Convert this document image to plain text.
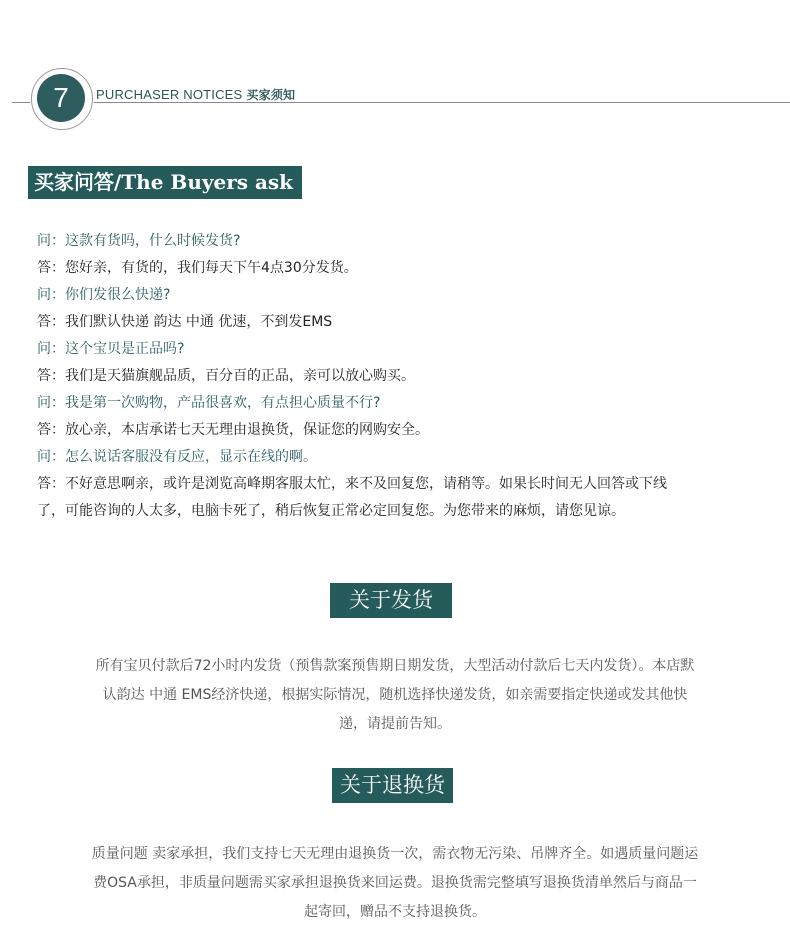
7	PURCHASER NOTICES 买家须知
买家问答/The Buyers ask
问：这款有货吗，什么时候发货?
答：您好亲，有货的，我们每天下午4点30分发货。
问：你们发很么快递?
答：我们默认快递 韵达 中通 优速，不到发EMS
问：这个宝贝是正品吗?
答：我们是天猫旗舰品质，百分百的正品，亲可以放心购买。
问：我是第一次购物，产品很喜欢，有点担心质量不行?
答：放心亲，本店承诺七天无理由退换货，保证您的网购安全。
问：怎么说话客服没有反应，显示在线的啊。
答：不好意思啊亲，或许是浏览高峰期客服太忙，来不及回复您，请稍等。如果长时间无人回答或下线
了，可能咨询的人太多，电脑卡死了，稍后恢复正常必定回复您。为您带来的麻烦，请您见谅。
关于发货
所有宝贝付款后72小时内发货（预售款案预售期日期发货，大型活动付款后七天内发货）。本店默
认韵达 中通 EMS经济快递，根据实际情况，随机选择快递发货，如亲需要指定快递或发其他快
递，请提前告知。
关于退换货
质量问题 卖家承担，我们支持七天无理由退换货一次，需衣物无污染、吊牌齐全。如遇质量问题运
费OSA承担，非质量问题需买家承担退换货来回运费。退换货需完整填写退换货清单然后与商品一
起寄回，赠品不支持退换货。
